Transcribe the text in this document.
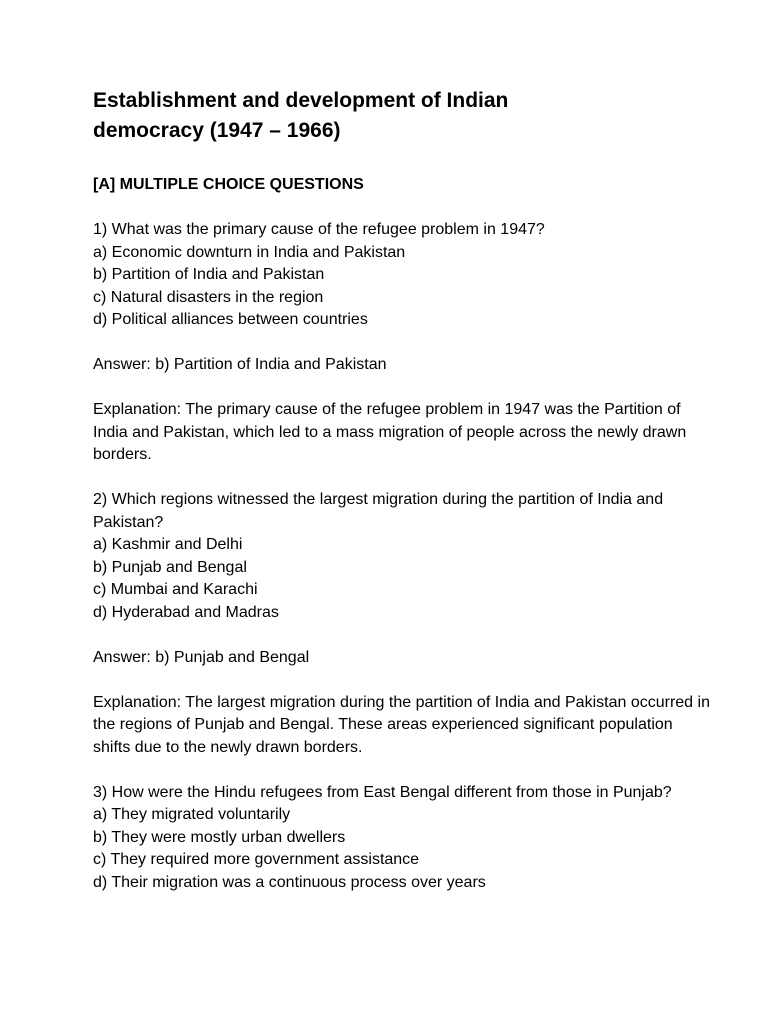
Establishment and development of Indian democracy (1947 – 1966)
[A] MULTIPLE CHOICE QUESTIONS
1) What was the primary cause of the refugee problem in 1947?
a) Economic downturn in India and Pakistan
b) Partition of India and Pakistan
c) Natural disasters in the region
d) Political alliances between countries
Answer: b) Partition of India and Pakistan
Explanation: The primary cause of the refugee problem in 1947 was the Partition of India and Pakistan, which led to a mass migration of people across the newly drawn borders.
2) Which regions witnessed the largest migration during the partition of India and Pakistan?
a) Kashmir and Delhi
b) Punjab and Bengal
c) Mumbai and Karachi
d) Hyderabad and Madras
Answer: b) Punjab and Bengal
Explanation: The largest migration during the partition of India and Pakistan occurred in the regions of Punjab and Bengal. These areas experienced significant population shifts due to the newly drawn borders.
3) How were the Hindu refugees from East Bengal different from those in Punjab?
a) They migrated voluntarily
b) They were mostly urban dwellers
c) They required more government assistance
d) Their migration was a continuous process over years
